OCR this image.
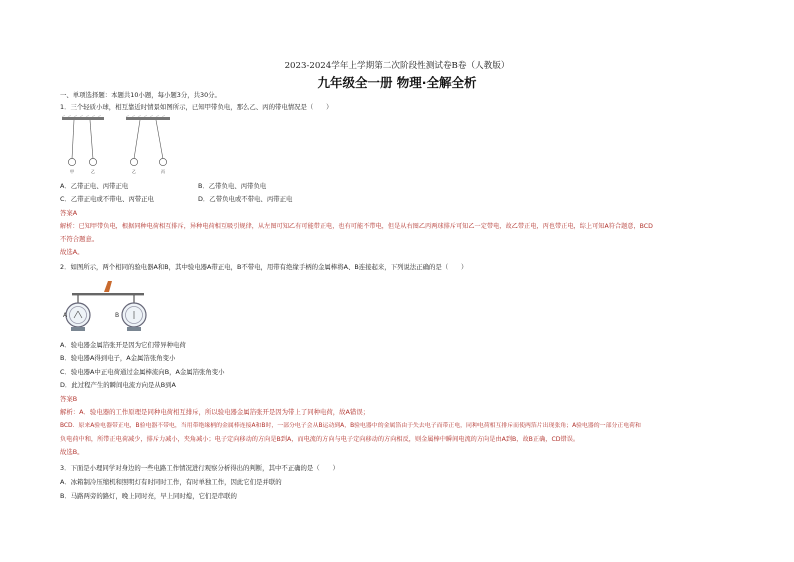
2023-2024学年上学期第二次阶段性测试卷B卷（人教版）
九年级全一册 物理·全解全析
一、单项选择题：本题共10小题，每小题3分，共30分。
1．三个轻质小球，相互靠近时情景如图所示，已知甲带负电，那么乙、丙的带电情况是（　　）
甲	乙	乙	丙
A．乙带正电、丙带正电	B．乙带负电、丙带负电
C．乙带正电或不带电、丙带正电	D．乙带负电或不带电、丙带正电
答案A
解析：已知甲带负电，根据同种电荷相互排斥，异种电荷相互吸引规律，从左图可知乙有可能带正电，也有可能不带电，但是从右图乙丙两球排斥可知乙一定带电，故乙带正电，丙也带正电，综上可知A符合题意，BCD
不符合题意。
故选A。
2．如图所示，两个相同的验电器A和B，其中验电器A带正电，B不带电，用带有绝缘手柄的金属棒将A、B连接起来，下列说法正确的是（　　）
A	B
A．验电器金属箔张开是因为它们带异种电荷
B．验电器A得到电子，A金属箔张角变小
C．验电器A中正电荷通过金属棒流向B，A金属箔张角变小
D．此过程产生的瞬间电流方向是从B到A
答案B
解析：A．验电器的工作原理是同种电荷相互排斥，所以验电器金属箔张开是因为带上了同种电荷，故A错误；
BCD．原来A验电器带正电，B验电器不带电，当用带绝缘柄的金属棒连接A和B时，一部分电子会从B运动到A，B验电器中的金属箔由于失去电子而带正电，同种电荷相互排斥而使两箔片出现张角；A验电器的一部分正电荷和
负电荷中和，所带正电荷减少，排斥力减小，夹角减小；电子定向移动的方向是B到A，而电流的方向与电子定向移动的方向相反，则金属棒中瞬间电流的方向是由A到B，故B正确，CD错误。
故选B。
3．下面是小理同学对身边的一些电路工作情况进行观察分析得出的判断，其中不正确的是（　　）
A．冰箱制冷压缩机和照明灯有时同时工作，有时单独工作，因此它们是并联的
B．马路两旁的路灯，晚上同时亮，早上同时熄，它们是串联的
